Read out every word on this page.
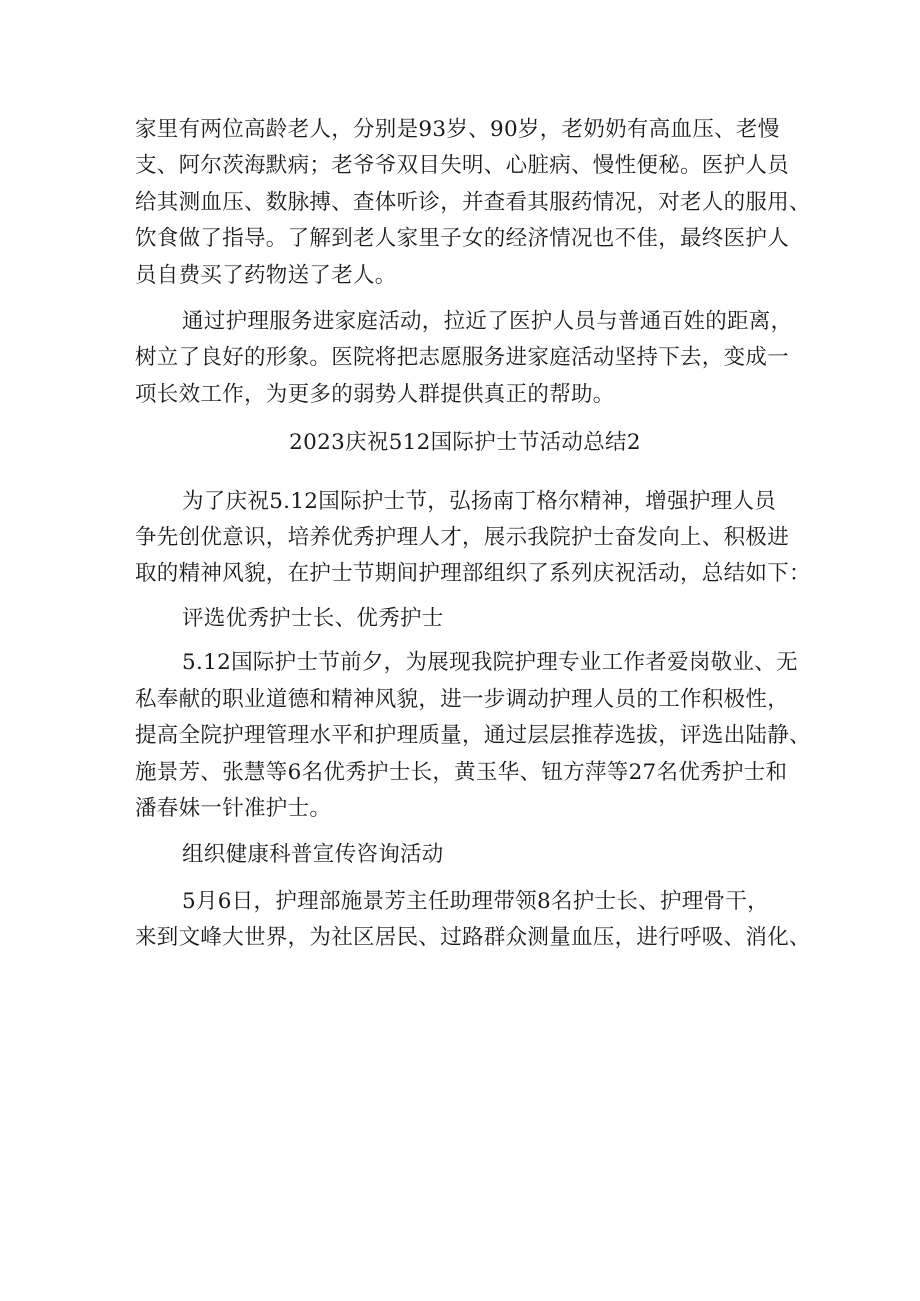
家里有两位高龄老人，分别是93岁、90岁，老奶奶有高血压、老慢
支、阿尔茨海默病；老爷爷双目失明、心脏病、慢性便秘。医护人员
给其测血压、数脉搏、查体听诊，并查看其服药情况，对老人的服用、
饮食做了指导。了解到老人家里子女的经济情况也不佳，最终医护人
员自费买了药物送了老人。
通过护理服务进家庭活动，拉近了医护人员与普通百姓的距离，
树立了良好的形象。医院将把志愿服务进家庭活动坚持下去，变成一
项长效工作，为更多的弱势人群提供真正的帮助。
2023庆祝512国际护士节活动总结2
为了庆祝5.12国际护士节，弘扬南丁格尔精神，增强护理人员
争先创优意识，培养优秀护理人才，展示我院护士奋发向上、积极进
取的精神风貌，在护士节期间护理部组织了系列庆祝活动，总结如下：
评选优秀护士长、优秀护士
5.12国际护士节前夕，为展现我院护理专业工作者爱岗敬业、无
私奉献的职业道德和精神风貌，进一步调动护理人员的工作积极性，
提高全院护理管理水平和护理质量，通过层层推荐选拔，评选出陆静、
施景芳、张慧等6名优秀护士长，黄玉华、钮方萍等27名优秀护士和
潘春妹一针准护士。
组织健康科普宣传咨询活动
5月6日，护理部施景芳主任助理带领8名护士长、护理骨干，
来到文峰大世界，为社区居民、过路群众测量血压，进行呼吸、消化、
